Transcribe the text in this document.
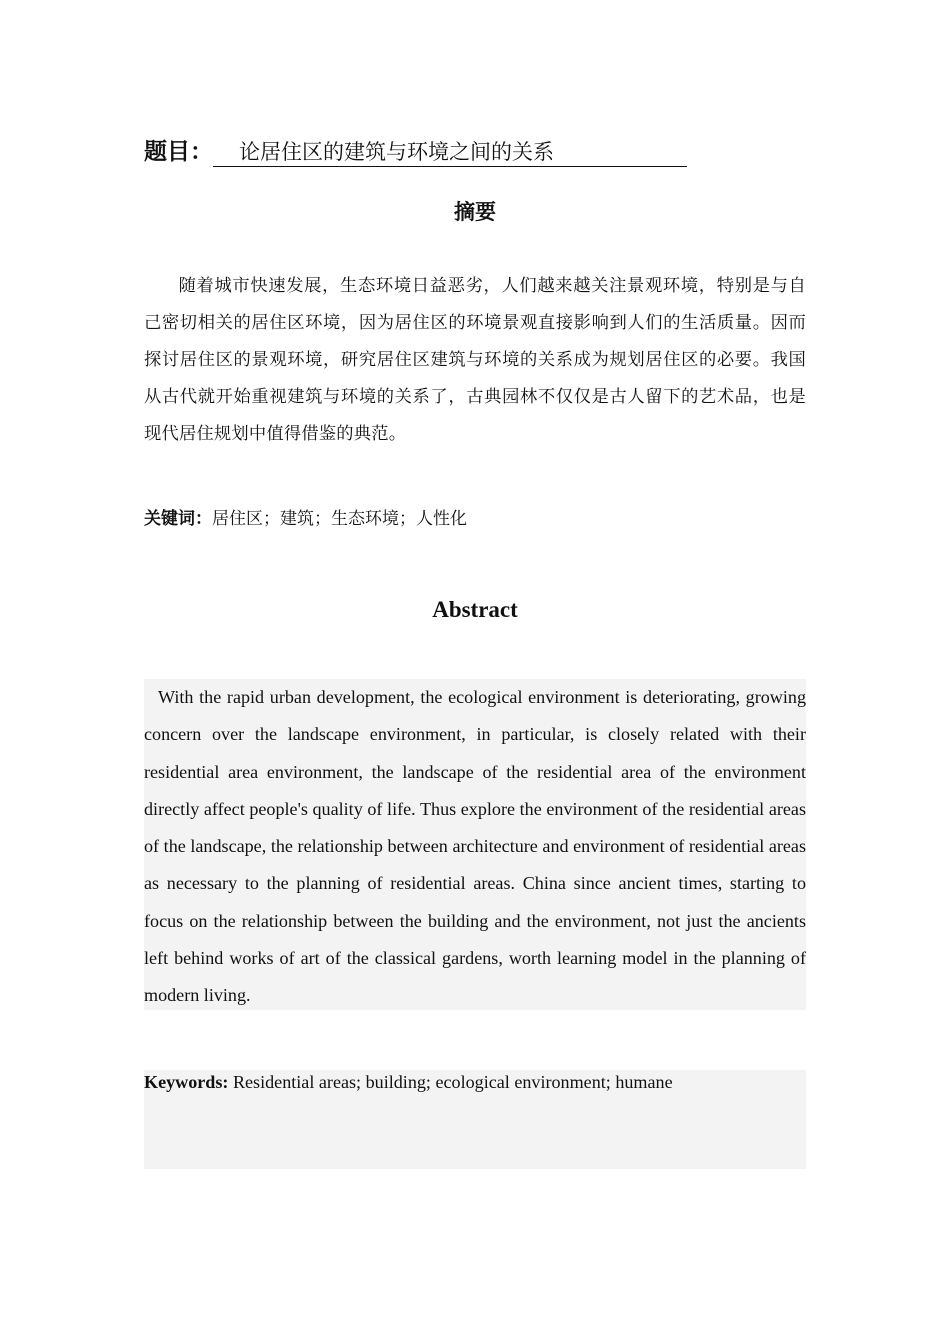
题目：	论居住区的建筑与环境之间的关系
摘要
随着城市快速发展，生态环境日益恶劣，人们越来越关注景观环境，特别是与自己密切相关的居住区环境，因为居住区的环境景观直接影响到人们的生活质量。因而探讨居住区的景观环境，研究居住区建筑与环境的关系成为规划居住区的必要。我国从古代就开始重视建筑与环境的关系了，古典园林不仅仅是古人留下的艺术品，也是现代居住规划中值得借鉴的典范。
关键词：居住区；建筑；生态环境；人性化
Abstract
With the rapid urban development, the ecological environment is deteriorating, growing concern over the landscape environment, in particular, is closely related with their residential area environment, the landscape of the residential area of the environment directly affect people's quality of life. Thus explore the environment of the residential areas of the landscape, the relationship between architecture and environment of residential areas as necessary to the planning of residential areas. China since ancient times, starting to focus on the relationship between the building and the environment, not just the ancients left behind works of art of the classical gardens, worth learning model in the planning of modern living.
Keywords: Residential areas; building; ecological environment; humane
